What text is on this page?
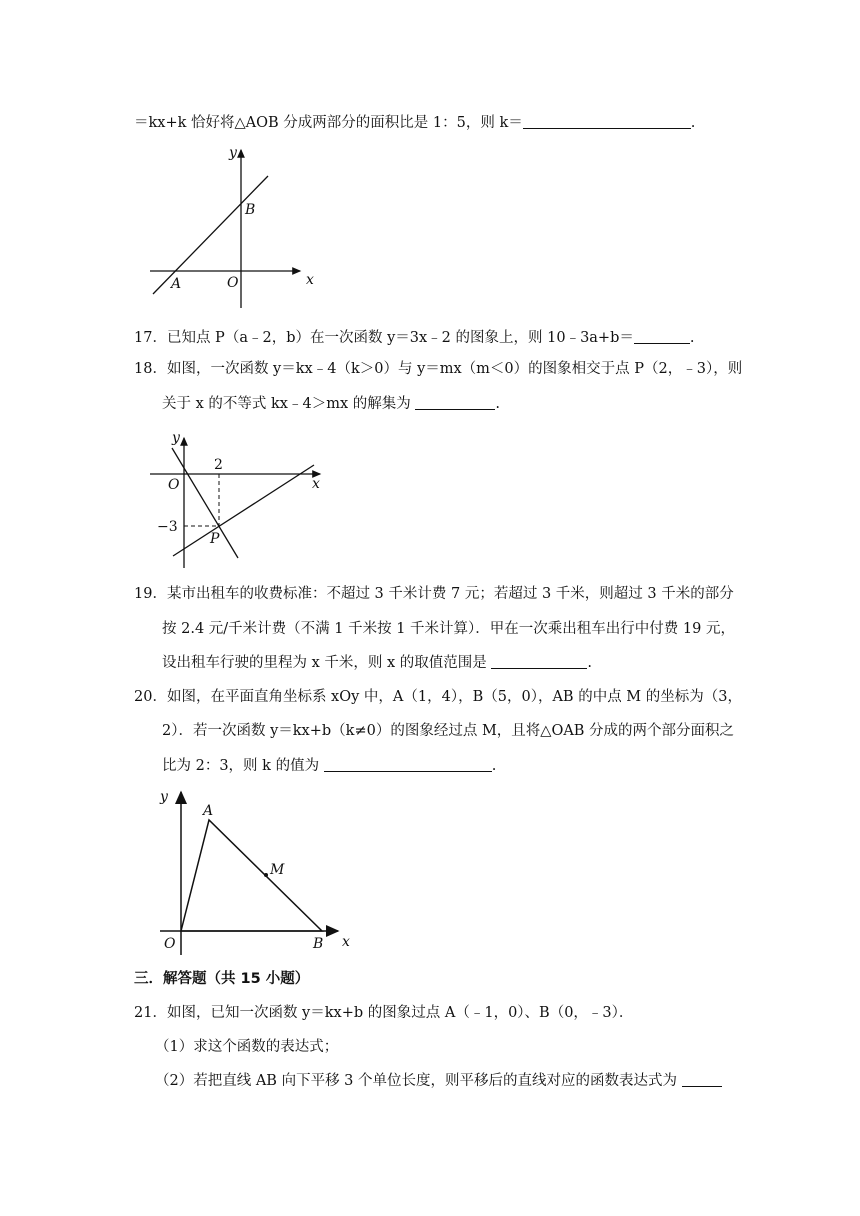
＝kx+k 恰好将△AOB 分成两部分的面积比是 1：5，则 k＝	.
y
x
B
O
A
17．已知点 P（a﹣2，b）在一次函数 y＝3x﹣2 的图象上，则 10﹣3a+b＝	.
18．如图，一次函数 y＝kx﹣4（k＞0）与 y＝mx（m＜0）的图象相交于点 P（2，﹣3），则
关于 x 的不等式 kx﹣4＞mx 的解集为	.
y
x
O
2
−3
P
19．某市出租车的收费标准：不超过 3 千米计费 7 元；若超过 3 千米，则超过 3 千米的部分
按 2.4 元/千米计费（不满 1 千米按 1 千米计算）．甲在一次乘出租车出行中付费 19 元，
设出租车行驶的里程为 x 千米，则 x 的取值范围是	.
20．如图，在平面直角坐标系 xOy 中，A（1，4），B（5，0），AB 的中点 M 的坐标为（3，
2）．若一次函数 y＝kx+b（k≠0）的图象经过点 M，且将△OAB 分成的两个部分面积之
比为 2：3，则 k 的值为	.
y
A
M
O	B x
三．解答题（共 15 小题）
21．如图，已知一次函数 y＝kx+b 的图象过点 A（﹣1，0）、B（0，﹣3）．
（1）求这个函数的表达式；
（2）若把直线 AB 向下平移 3 个单位长度，则平移后的直线对应的函数表达式为
